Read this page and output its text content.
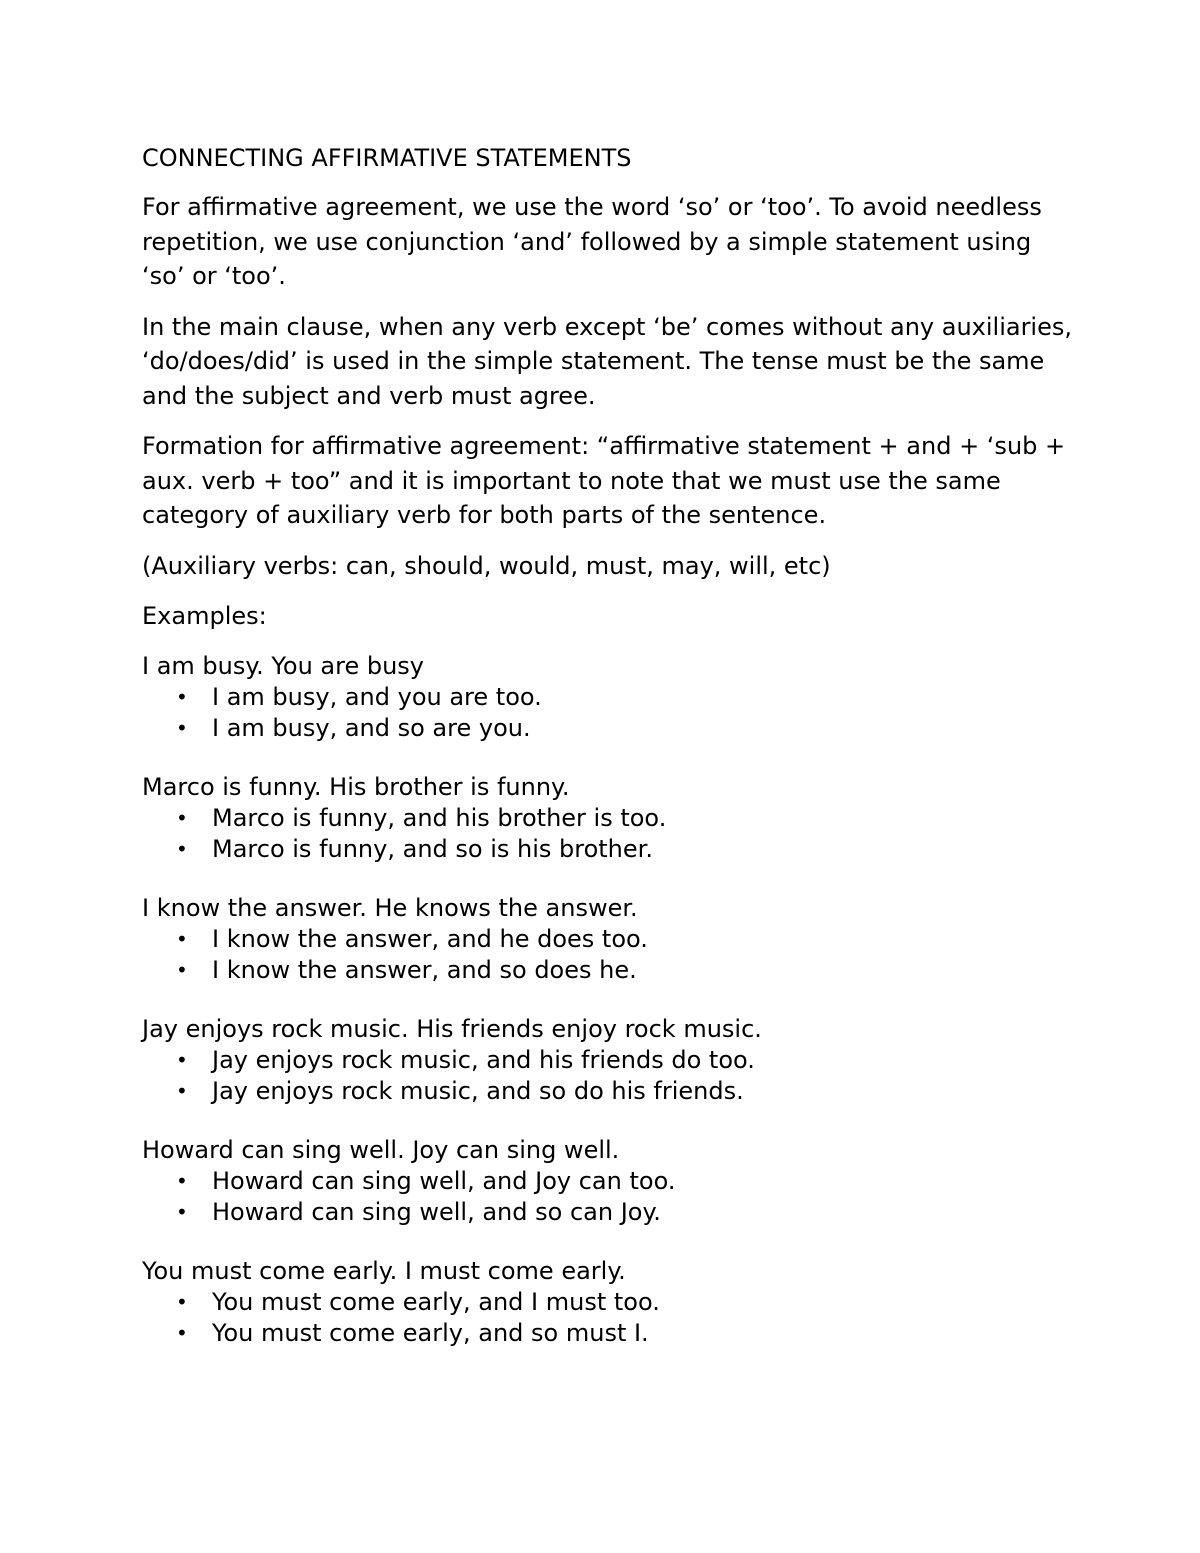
CONNECTING AFFIRMATIVE STATEMENTS

For affirmative agreement, we use the word ‘so’ or ‘too’. To avoid needless repetition, we use conjunction ‘and’ followed by a simple statement using ‘so’ or ‘too’.

In the main clause, when any verb except ‘be’ comes without any auxiliaries, ‘do/does/did’ is used in the simple statement. The tense must be the same and the subject and verb must agree.

Formation for affirmative agreement: “affirmative statement + and + ‘sub + aux. verb + too” and it is important to note that we must use the same category of auxiliary verb for both parts of the sentence.

(Auxiliary verbs: can, should, would, must, may, will, etc)

Examples:

I am busy. You are busy

• I am busy, and you are too.
• I am busy, and so are you.

Marco is funny. His brother is funny.

• Marco is funny, and his brother is too.
• Marco is funny, and so is his brother.

I know the answer. He knows the answer.

• I know the answer, and he does too.
• I know the answer, and so does he.

Jay enjoys rock music. His friends enjoy rock music.

• Jay enjoys rock music, and his friends do too.
• Jay enjoys rock music, and so do his friends.

Howard can sing well. Joy can sing well.

• Howard can sing well, and Joy can too.
• Howard can sing well, and so can Joy.

You must come early. I must come early.

• You must come early, and I must too.
• You must come early, and so must I.
